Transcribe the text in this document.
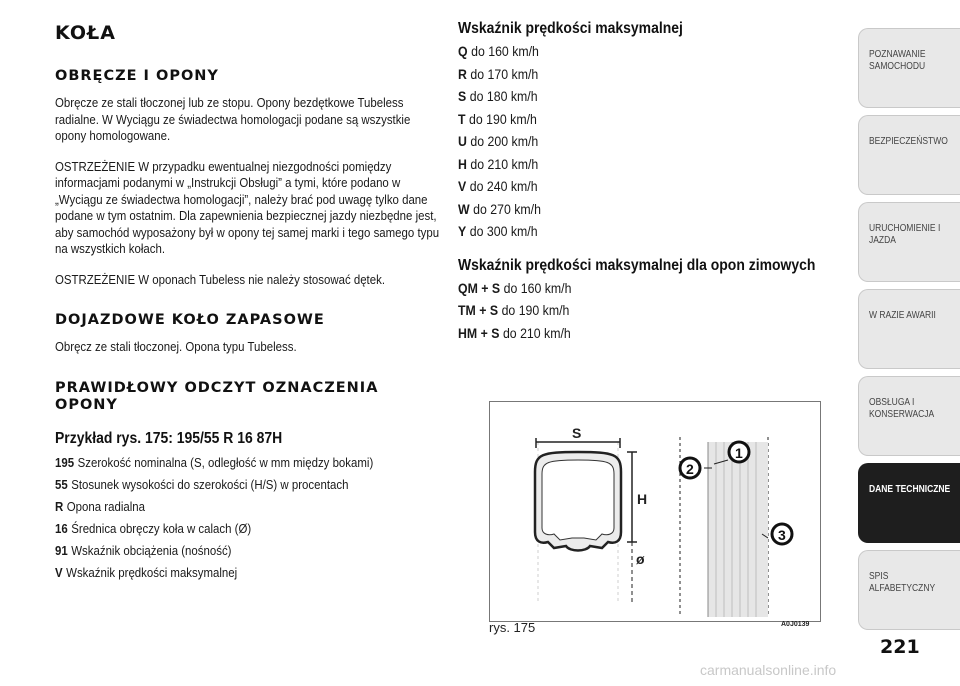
KOŁA
OBRĘCZE I OPONY
Obręcze ze stali tłoczonej lub ze stopu. Opony bezdętkowe Tubeless radialne. W Wyciągu ze świadectwa homologacji podane są wszystkie opony homologowane.
OSTRZEŻENIE W przypadku ewentualnej niezgodności pomiędzy informacjami podanymi w „Instrukcji Obsługi” a tymi, które podano w „Wyciągu ze świadectwa homologacji”, należy brać pod uwagę tylko dane podane w tym ostatnim. Dla zapewnienia bezpiecznej jazdy niezbędne jest, aby samochód wyposażony był w opony tej samej marki i tego samego typu na wszystkich kołach.
OSTRZEŻENIE W oponach Tubeless nie należy stosować dętek.
DOJAZDOWE KOŁO ZAPASOWE
Obręcz ze stali tłoczonej. Opona typu Tubeless.
PRAWIDŁOWY ODCZYT OZNACZENIA
OPONY
Przykład rys. 175: 195/55 R 16 87H
195 Szerokość nominalna (S, odległość w mm między bokami)
55 Stosunek wysokości do szerokości (H/S) w procentach
R Opona radialna
16 Średnica obręczy koła w calach (Ø)
91 Wskaźnik obciążenia (nośność)
V Wskaźnik prędkości maksymalnej
Wskaźnik prędkości maksymalnej
Q do 160 km/h
R do 170 km/h
S do 180 km/h
T do 190 km/h
U do 200 km/h
H do 210 km/h
V do 240 km/h
W do 270 km/h
Y do 300 km/h
Wskaźnik prędkości maksymalnej dla opon zimowych
QM + S do 160 km/h
TM + S do 190 km/h
HM + S do 210 km/h
S
H
ø
1
2
3
rys. 175	A0J0139
POZNAWANIE SAMOCHODU
BEZPIECZEŃSTWO
URUCHOMIENIE I JAZDA
W RAZIE AWARII
OBSŁUGA I KONSERWACJA
DANE TECHNICZNE
SPIS ALFABETYCZNY
221
carmanualsonline.info
